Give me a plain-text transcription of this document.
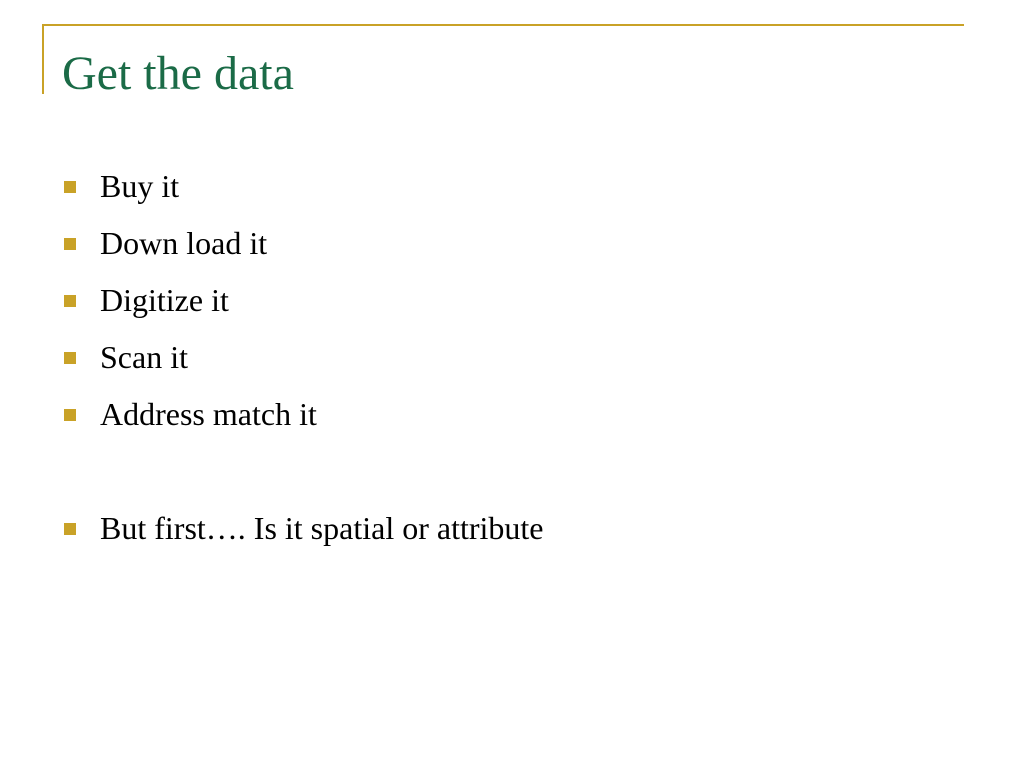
Get the data
Buy it
Down load it
Digitize it
Scan it
Address match it
But first…. Is it spatial or attribute
